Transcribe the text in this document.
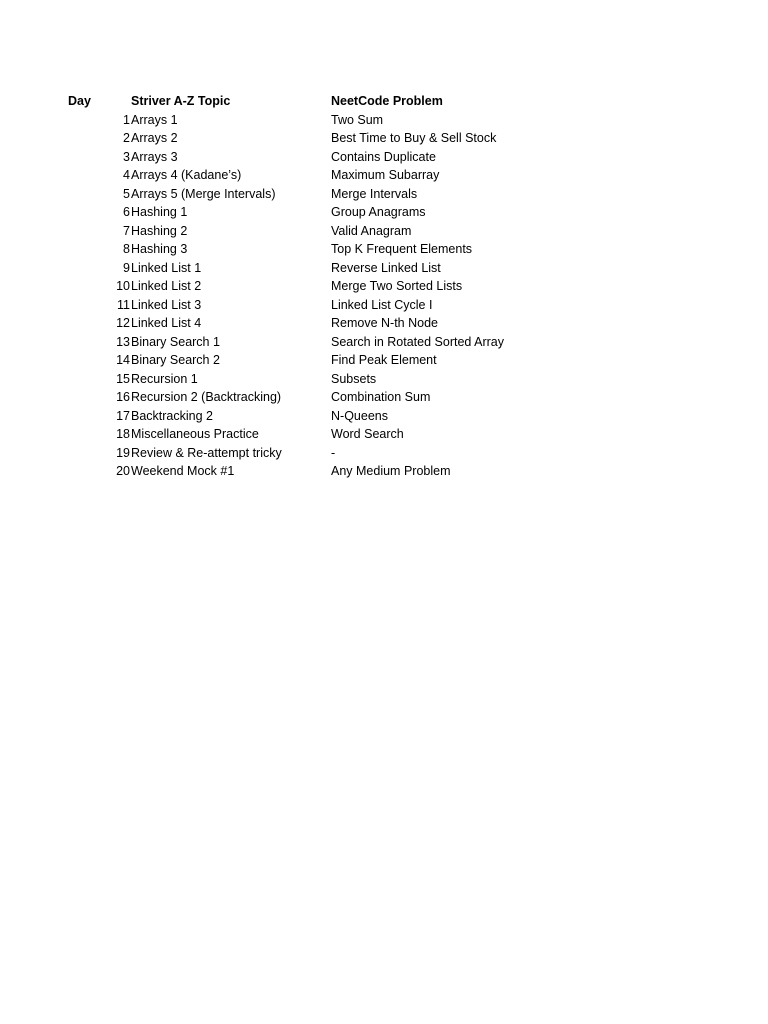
Day	Striver A-Z Topic	NeetCode Problem
1 Arrays 1	Two Sum
2 Arrays 2	Best Time to Buy & Sell Stock
3 Arrays 3	Contains Duplicate
4 Arrays 4 (Kadane’s)	Maximum Subarray
5 Arrays 5 (Merge Intervals)	Merge Intervals
6 Hashing 1	Group Anagrams
7 Hashing 2	Valid Anagram
8 Hashing 3	Top K Frequent Elements
9 Linked List 1	Reverse Linked List
10 Linked List 2	Merge Two Sorted Lists
11 Linked List 3	Linked List Cycle I
12 Linked List 4	Remove N-th Node
13 Binary Search 1	Search in Rotated Sorted Array
14 Binary Search 2	Find Peak Element
15 Recursion 1	Subsets
16 Recursion 2 (Backtracking)	Combination Sum
17 Backtracking 2	N-Queens
18 Miscellaneous Practice	Word Search
19 Review & Re-attempt tricky	-
20 Weekend Mock #1	Any Medium Problem
